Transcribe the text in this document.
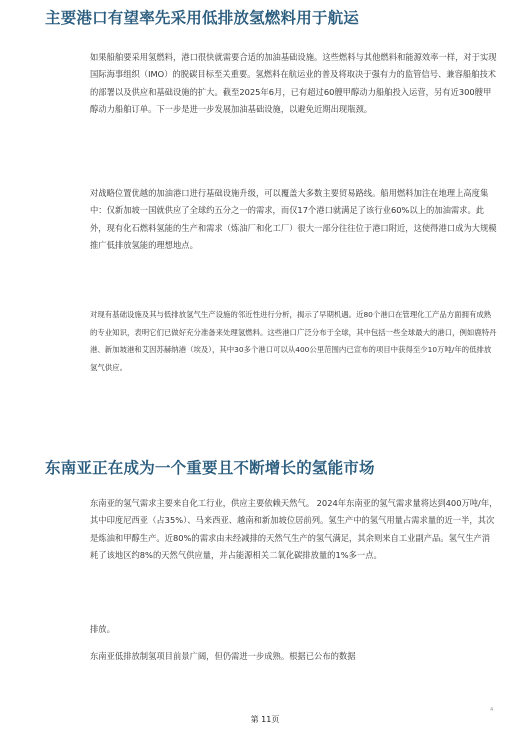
主要港口有望率先采用低排放氢燃料用于航运

如果船舶要采用氢燃料，港口很快就需要合适的加油基础设施。这些燃料与其他燃料和能源效率一样，对于实现国际海事组织（IMO）的脱碳目标至关重要。氢燃料在航运业的普及将取决于强有力的监管信号、兼容船舶技术的部署以及供应和基础设施的扩大。截至2025年6月，已有超过60艘甲醇动力船舶投入运营，另有近300艘甲醇动力船舶订单。下一步是进一步发展加油基础设施，以避免近期出现瓶颈。

对战略位置优越的加油港口进行基础设施升级，可以覆盖大多数主要贸易路线。船用燃料加注在地理上高度集中：仅新加坡一国就供应了全球约五分之一的需求，而仅17个港口就满足了该行业60%以上的加油需求。此外，现有化石燃料氢能的生产和需求（炼油厂和化工厂）很大一部分往往位于港口附近，这使得港口成为大规模推广低排放氢能的理想地点。

对现有基础设施及其与低排放氢气生产设施的邻近性进行分析，揭示了早期机遇。近80个港口在管理化工产品方面拥有成熟的专业知识，表明它们已做好充分准备来处理氢燃料。这些港口广泛分布于全球，其中包括一些全球最大的港口，例如鹿特丹港、新加坡港和艾因苏赫纳港（埃及），其中30多个港口可以从400公里范围内已宣布的项目中获得至少10万吨/年的低排放氢气供应。

东南亚正在成为一个重要且不断增长的氢能市场

东南亚的氢气需求主要来自化工行业，供应主要依赖天然气。 2024年东南亚的氢气需求量将达到400万吨/年，其中印度尼西亚（占35%）、马来西亚、越南和新加坡位居前列。氢生产中的氢气用量占需求量的近一半，其次是炼油和甲醇生产。近80%的需求由未经减排的天然气生产的氢气满足，其余则来自工业副产品。氢气生产消耗了该地区约8%的天然气供应量，并占能源相关二氧化碳排放量的1%多一点。

排放。

东南亚低排放制氢项目前景广阔，但仍需进一步成熟。根据已公布的数据

第 11页
4
